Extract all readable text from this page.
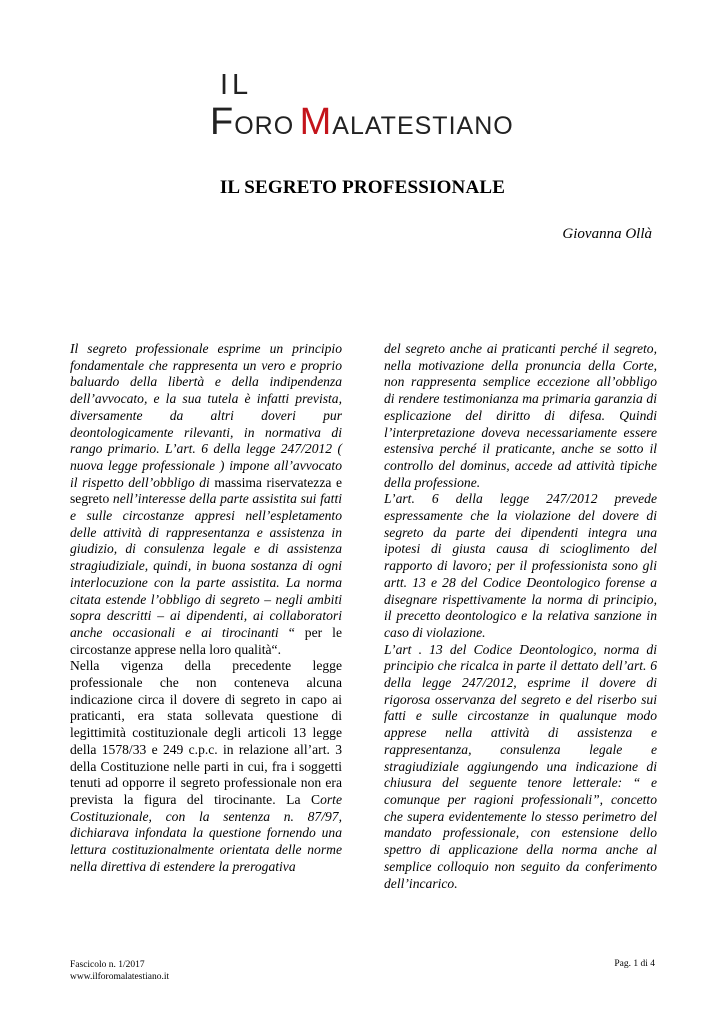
IL
FORO MALATESTIANO
IL SEGRETO PROFESSIONALE
Giovanna Ollà

Il segreto professionale esprime un principio fondamentale che rappresenta un vero e proprio baluardo della libertà e della indipendenza dell’avvocato, e la sua tutela è infatti prevista, diversamente da altri doveri pur deontologicamente rilevanti, in normativa di rango primario. L’art. 6 della legge 247/2012 ( nuova legge professionale ) impone all’avvocato il rispetto dell’obbligo di massima riservatezza e segreto nell’interesse della parte assistita sui fatti e sulle circostanze appresi nell’espletamento delle attività di rappresentanza e assistenza in giudizio, di consulenza legale e di assistenza stragiudiziale, quindi, in buona sostanza di ogni interlocuzione con la parte assistita. La norma citata estende l’obbligo di segreto – negli ambiti sopra descritti – ai dipendenti, ai collaboratori anche occasionali e ai tirocinanti “ per le circostanze apprese nella loro qualità“.

Nella vigenza della precedente legge professionale che non conteneva alcuna indicazione circa il dovere di segreto in capo ai praticanti, era stata sollevata questione di legittimità costituzionale degli articoli 13 legge della 1578/33 e 249 c.p.c. in relazione all’art. 3 della Costituzione nelle parti in cui, fra i soggetti tenuti ad opporre il segreto professionale non era prevista la figura del tirocinante. La Corte Costituzionale, con la sentenza n. 87/97, dichiarava infondata la questione fornendo una lettura costituzionalmente orientata delle norme nella direttiva di estendere la prerogativa

del segreto anche ai praticanti perché il segreto, nella motivazione della pronuncia della Corte, non rappresenta semplice eccezione all’obbligo di rendere testimonianza ma primaria garanzia di esplicazione del diritto di difesa. Quindi l’interpretazione doveva necessariamente essere estensiva perché il praticante, anche se sotto il controllo del dominus, accede ad attività tipiche della professione.

L’art. 6 della legge 247/2012 prevede espressamente che la violazione del dovere di segreto da parte dei dipendenti integra una ipotesi di giusta causa di scioglimento del rapporto di lavoro; per il professionista sono gli artt. 13 e 28 del Codice Deontologico forense a disegnare rispettivamente la norma di principio, il precetto deontologico e la relativa sanzione in caso di violazione.

L’art . 13 del Codice Deontologico, norma di principio che ricalca in parte il dettato dell’art. 6 della legge 247/2012, esprime il dovere di rigorosa osservanza del segreto e del riserbo sui fatti e sulle circostanze in qualunque modo apprese nella attività di assistenza e rappresentanza, consulenza legale e stragiudiziale aggiungendo una indicazione di chiusura del seguente tenore letterale: “ e comunque per ragioni professionali”, concetto che supera evidentemente lo stesso perimetro del mandato professionale, con estensione dello spettro di applicazione della norma anche al semplice colloquio non seguito da conferimento dell’incarico.

Fascicolo n. 1/2017
www.ilforomalatestiano.it
Pag. 1 di 4
